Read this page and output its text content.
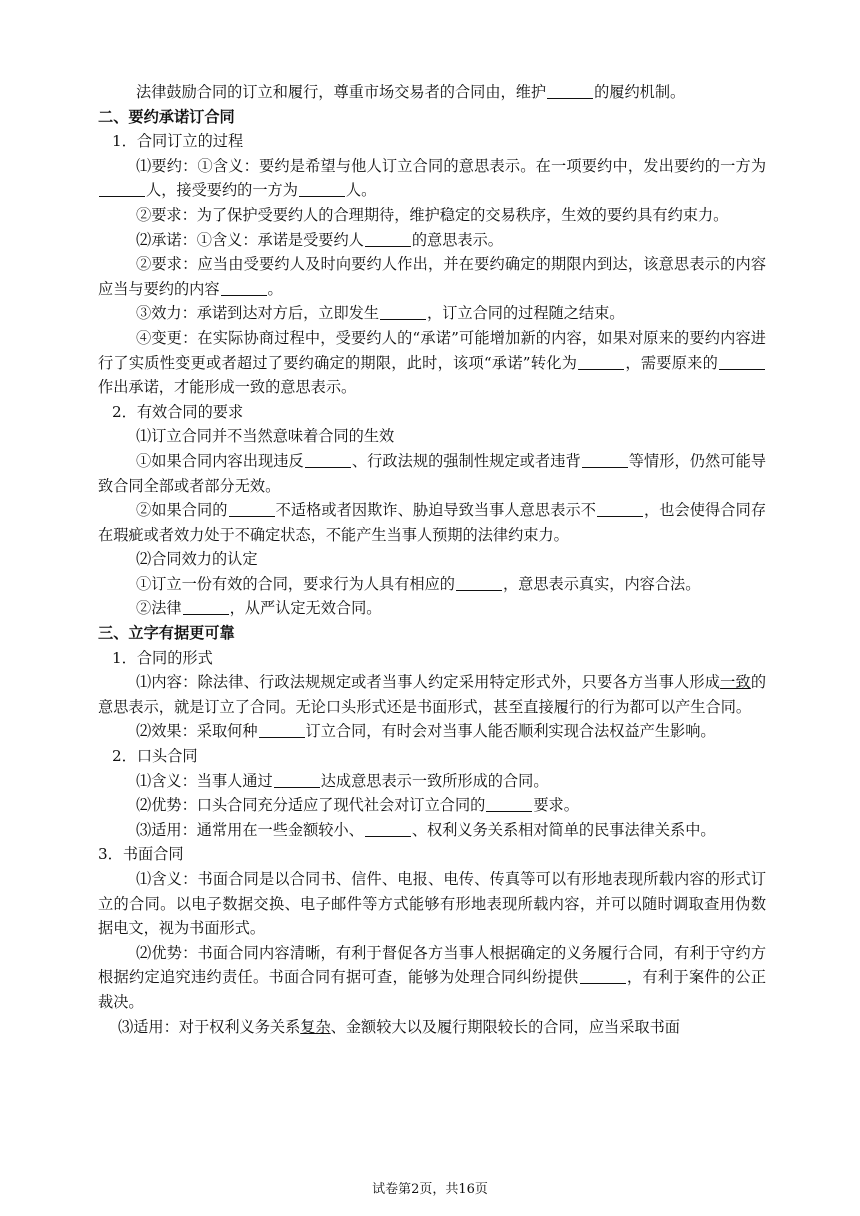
法律鼓励合同的订立和履行，尊重市场交易者的合同由，维护	的履约机制。
二、要约承诺订合同
1．合同订立的过程
⑴要约：①含义：要约是希望与他人订立合同的意思表示。在一项要约中，发出要约的一方为人，接受要约的一方为	人。
②要求：为了保护受要约人的合理期待，维护稳定的交易秩序，生效的要约具有约束力。
⑵承诺：①含义：承诺是受要约人	的意思表示。
②要求：应当由受要约人及时向要约人作出，并在要约确定的期限内到达，该意思表示的内容应当与要约的内容	。
③效力：承诺到达对方后，立即发生	，订立合同的过程随之结束。
④变更：在实际协商过程中，受要约人的“承诺”可能增加新的内容，如果对原来的要约内容进行了实质性变更或者超过了要约确定的期限，此时，该项“承诺”转化为	，需要原来的作出承诺，才能形成一致的意思表示。
2．有效合同的要求
⑴订立合同并不当然意味着合同的生效
①如果合同内容出现违反	、行政法规的强制性规定或者违背	等情形，仍然可能导致合同全部或者部分无效。
②如果合同的	不适格或者因欺诈、胁迫导致当事人意思表示不	，也会使得合同存在瑕疵或者效力处于不确定状态，不能产生当事人预期的法律约束力。
⑵合同效力的认定
①订立一份有效的合同，要求行为人具有相应的	，意思表示真实，内容合法。
②法律	，从严认定无效合同。
三、立字有据更可靠
1．合同的形式
⑴内容：除法律、行政法规规定或者当事人约定采用特定形式外，只要各方当事人形成一致的意思表示，就是订立了合同。无论口头形式还是书面形式，甚至直接履行的行为都可以产生合同。
⑵效果：采取何种	订立合同，有时会对当事人能否顺利实现合法权益产生影响。
2．口头合同
⑴含义：当事人通过	达成意思表示一致所形成的合同。
⑵优势：口头合同充分适应了现代社会对订立合同的	要求。
⑶适用：通常用在一些金额较小、	、权利义务关系相对简单的民事法律关系中。
3．书面合同
⑴含义：书面合同是以合同书、信件、电报、电传、传真等可以有形地表现所载内容的形式订立的合同。以电子数据交换、电子邮件等方式能够有形地表现所载内容，并可以随时调取查用伪数据电文，视为书面形式。
⑵优势：书面合同内容清晰，有利于督促各方当事人根据确定的义务履行合同，有利于守约方根据约定追究违约责任。书面合同有据可查，能够为处理合同纠纷提供	，有利于案件的公正裁决。
⑶适用：对于权利义务关系复杂、金额较大以及履行期限较长的合同，应当采取书面
试卷第2页，共16页
